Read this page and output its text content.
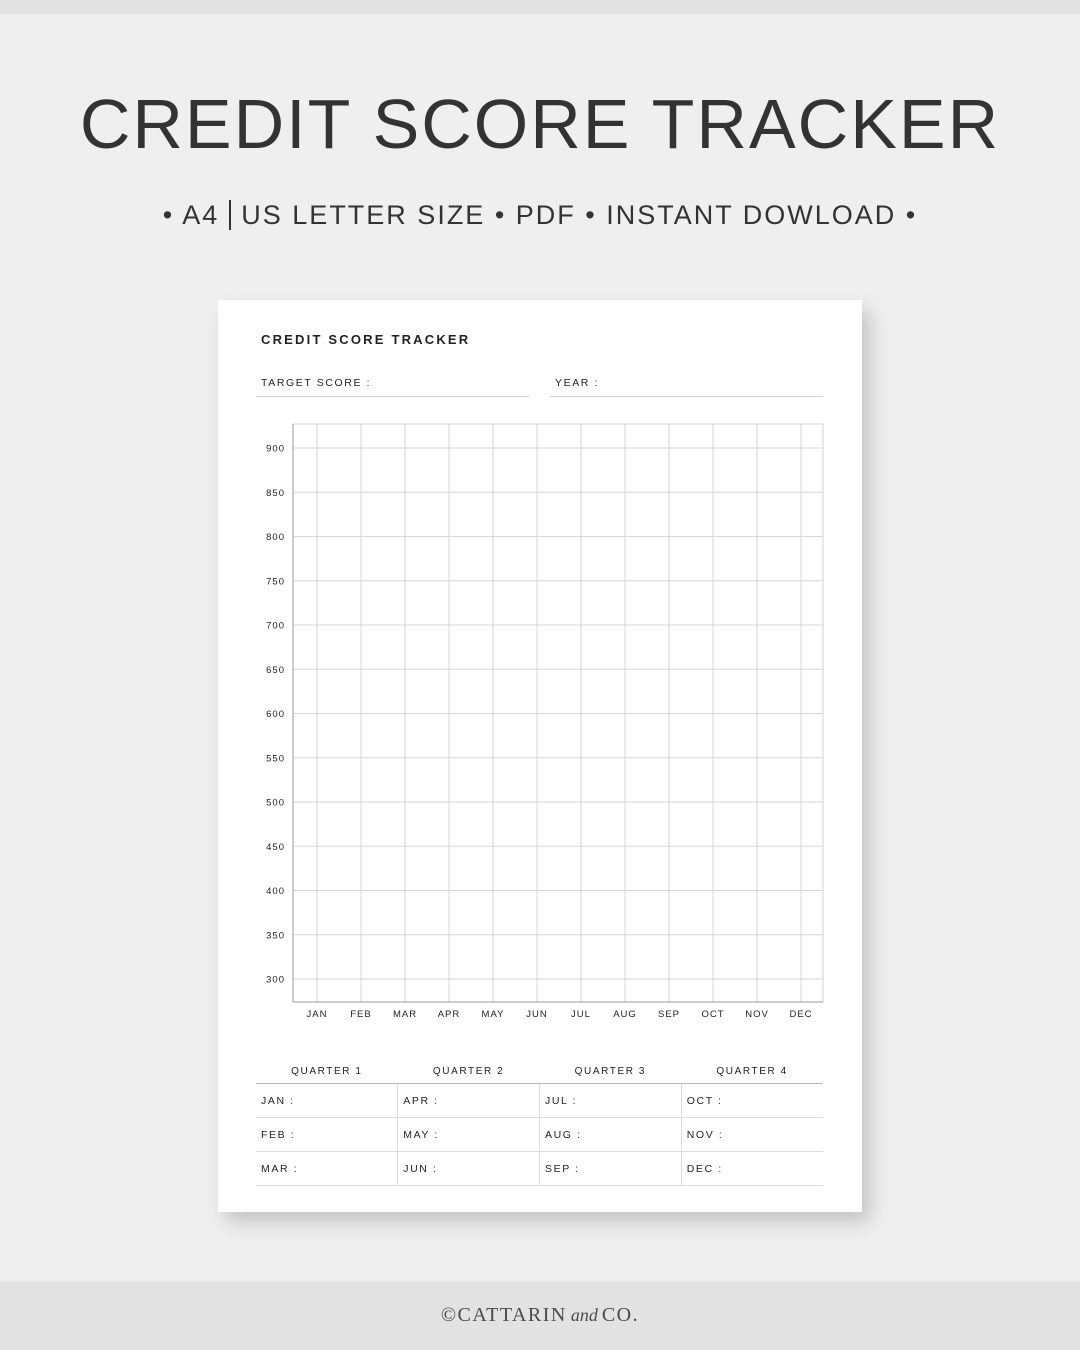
CREDIT SCORE TRACKER
• A4 US LETTER SIZE • PDF • INSTANT DOWLOAD •
CREDIT SCORE TRACKER
TARGET SCORE :	YEAR :
900
850
800
750
700
650
600
550
500
450
400
350
300
JAN FEB MAR APR MAY JUN JUL AUG SEP OCT NOV DEC
QUARTER 1	QUARTER 2	QUARTER 3	QUARTER 4
JAN :	APR :	JUL :	OCT :
FEB :	MAY :	AUG :	NOV :
MAR :	JUN :	SEP :	DEC :
©CATTARIN and CO.
